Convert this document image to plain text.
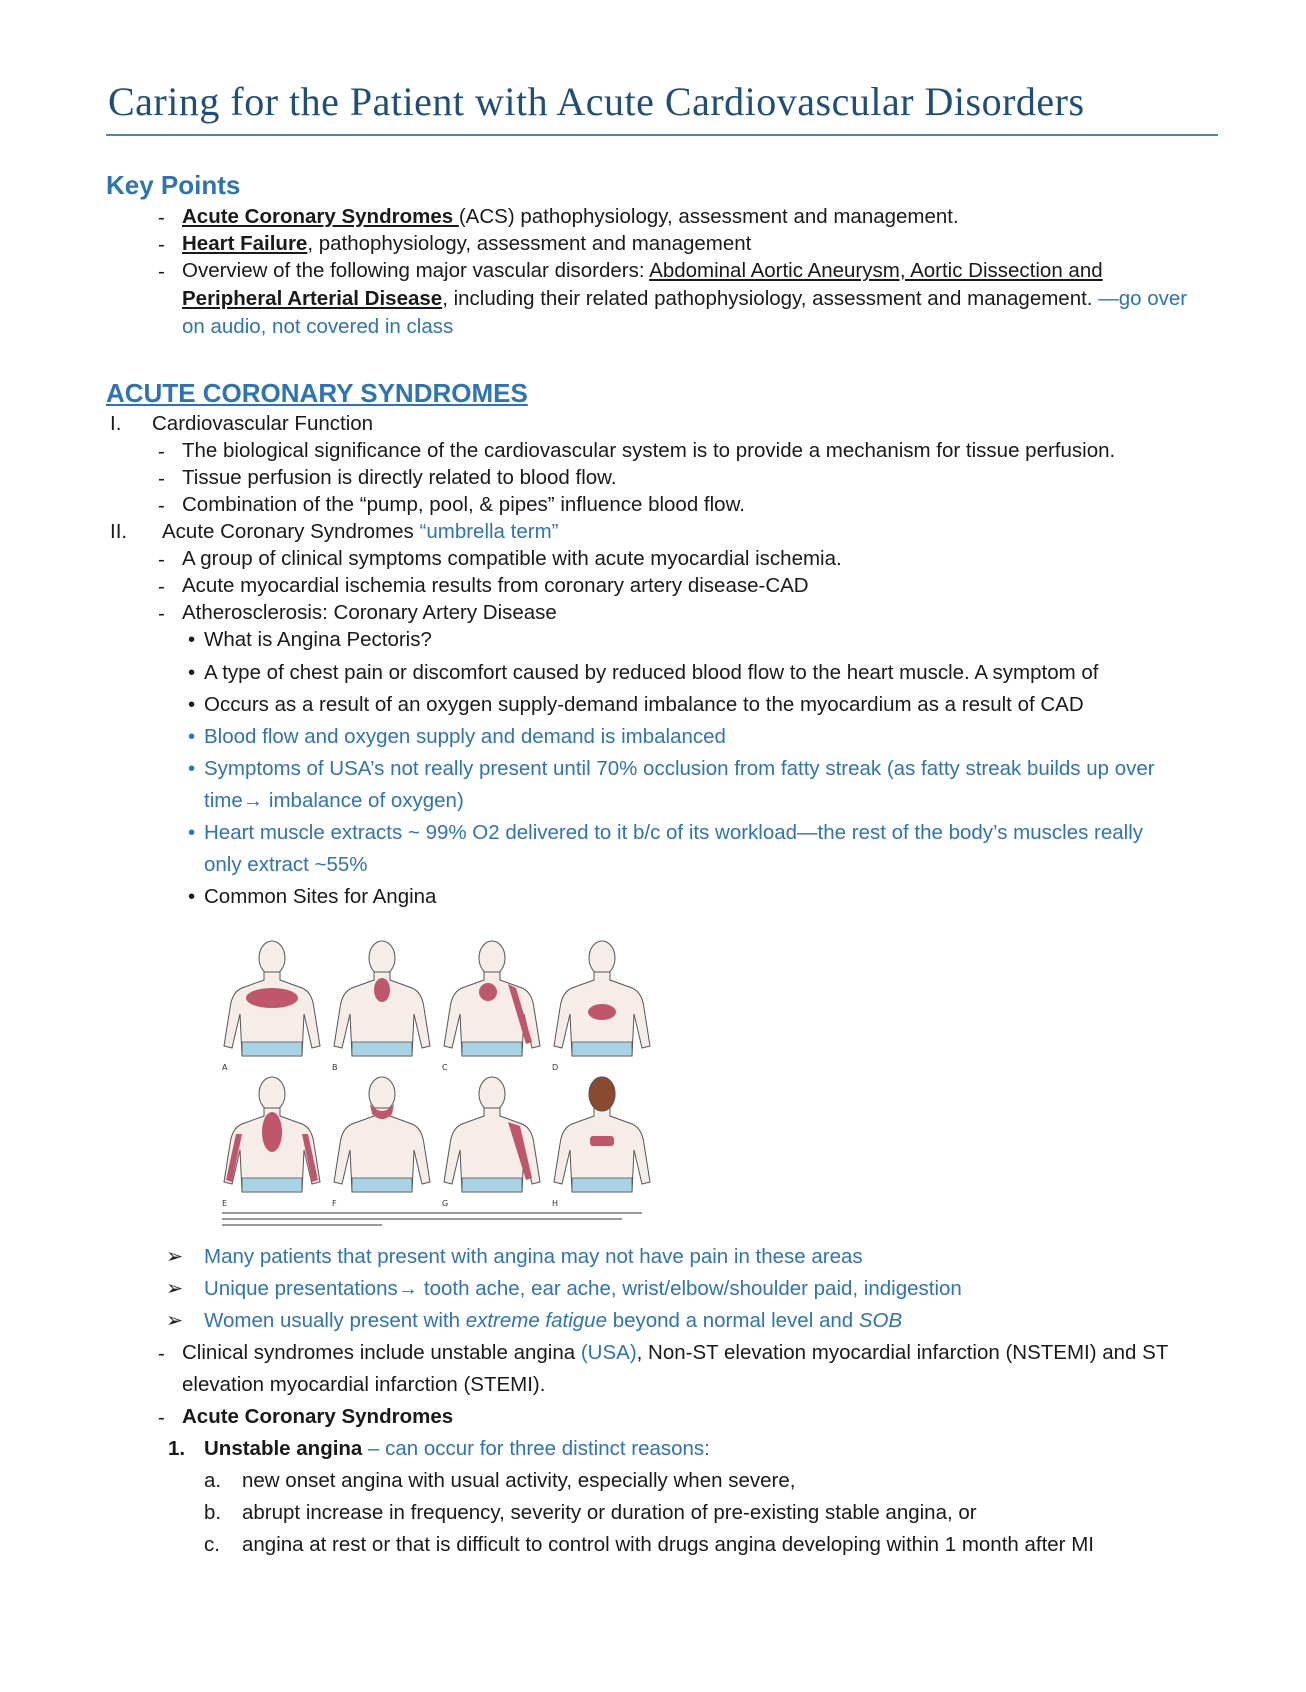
Caring for the Patient with Acute Cardiovascular Disorders
Key Points
- Acute Coronary Syndromes (ACS) pathophysiology, assessment and management.
- Heart Failure, pathophysiology, assessment and management
- Overview of the following major vascular disorders: Abdominal Aortic Aneurysm, Aortic Dissection and
Peripheral Arterial Disease, including their related pathophysiology, assessment and management. —go over
on audio, not covered in class
ACUTE CORONARY SYNDROMES
I. Cardiovascular Function
- The biological significance of the cardiovascular system is to provide a mechanism for tissue perfusion.
- Tissue perfusion is directly related to blood flow.
- Combination of the “pump, pool, & pipes” influence blood flow.
II. Acute Coronary Syndromes “umbrella term”
- A group of clinical symptoms compatible with acute myocardial ischemia.
- Acute myocardial ischemia results from coronary artery disease-CAD
- Atherosclerosis: Coronary Artery Disease
• What is Angina Pectoris?
• A type of chest pain or discomfort caused by reduced blood flow to the heart muscle. A symptom of
• Occurs as a result of an oxygen supply-demand imbalance to the myocardium as a result of CAD
• Blood flow and oxygen supply and demand is imbalanced
• Symptoms of USA’s not really present until 70% occlusion from fatty streak (as fatty streak builds up over
time→ imbalance of oxygen)
• Heart muscle extracts ~ 99% O2 delivered to it b/c of its workload—the rest of the body’s muscles really
only extract ~55%
• Common Sites for Angina
A	B	C	D
E	F	G	H
➢ Many patients that present with angina may not have pain in these areas
➢ Unique presentations→ tooth ache, ear ache, wrist/elbow/shoulder paid, indigestion
➢ Women usually present with extreme fatigue beyond a normal level and SOB
- Clinical syndromes include unstable angina (USA), Non-ST elevation myocardial infarction (NSTEMI) and ST
elevation myocardial infarction (STEMI).
- Acute Coronary Syndromes
1. Unstable angina – can occur for three distinct reasons:
a. new onset angina with usual activity, especially when severe,
b. abrupt increase in frequency, severity or duration of pre-existing stable angina, or
c. angina at rest or that is difficult to control with drugs angina developing within 1 month after MI
